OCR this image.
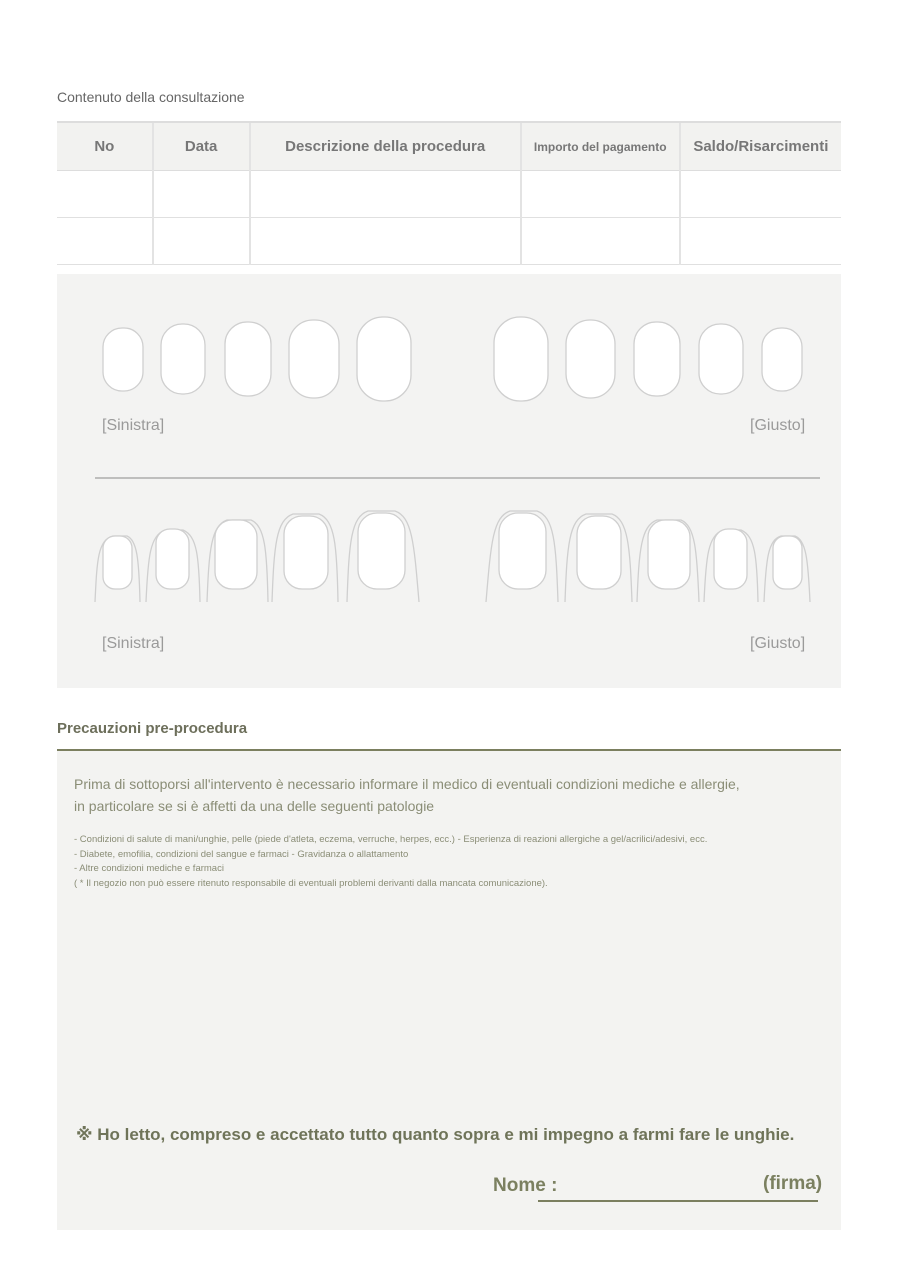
Contenuto della consultazione
No	Data	Descrizione della procedura	Importo del pagamento	Saldo/Risarcimenti

[Sinistra]	[Giusto]
[Sinistra]	[Giusto]
Precauzioni pre-procedura
Prima di sottoporsi all'intervento è necessario informare il medico di eventuali condizioni mediche e allergie,
in particolare se si è affetti da una delle seguenti patologie
- Condizioni di salute di mani/unghie, pelle (piede d'atleta, eczema, verruche, herpes, ecc.) - Esperienza di reazioni allergiche a gel/acrilici/adesivi, ecc.
- Diabete, emofilia, condizioni del sangue e farmaci - Gravidanza o allattamento
- Altre condizioni mediche e farmaci
( * Il negozio non può essere ritenuto responsabile di eventuali problemi derivanti dalla mancata comunicazione).
※ Ho letto, compreso e accettato tutto quanto sopra e mi impegno a farmi fare le unghie.
Nome :	(firma)
